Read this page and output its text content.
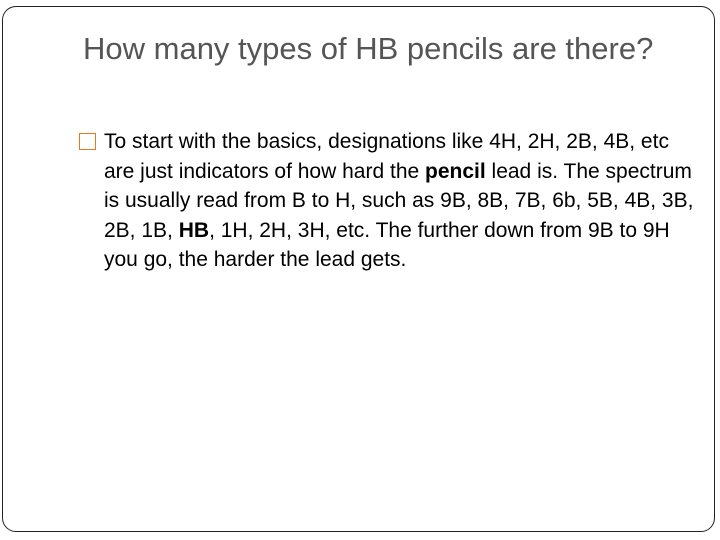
How many types of HB pencils are there?
To start with the basics, designations like 4H, 2H, 2B, 4B, etc are just indicators of how hard the pencil lead is. The spectrum is usually read from B to H, such as 9B, 8B, 7B, 6b, 5B, 4B, 3B, 2B, 1B, HB, 1H, 2H, 3H, etc. The further down from 9B to 9H you go, the harder the lead gets.
